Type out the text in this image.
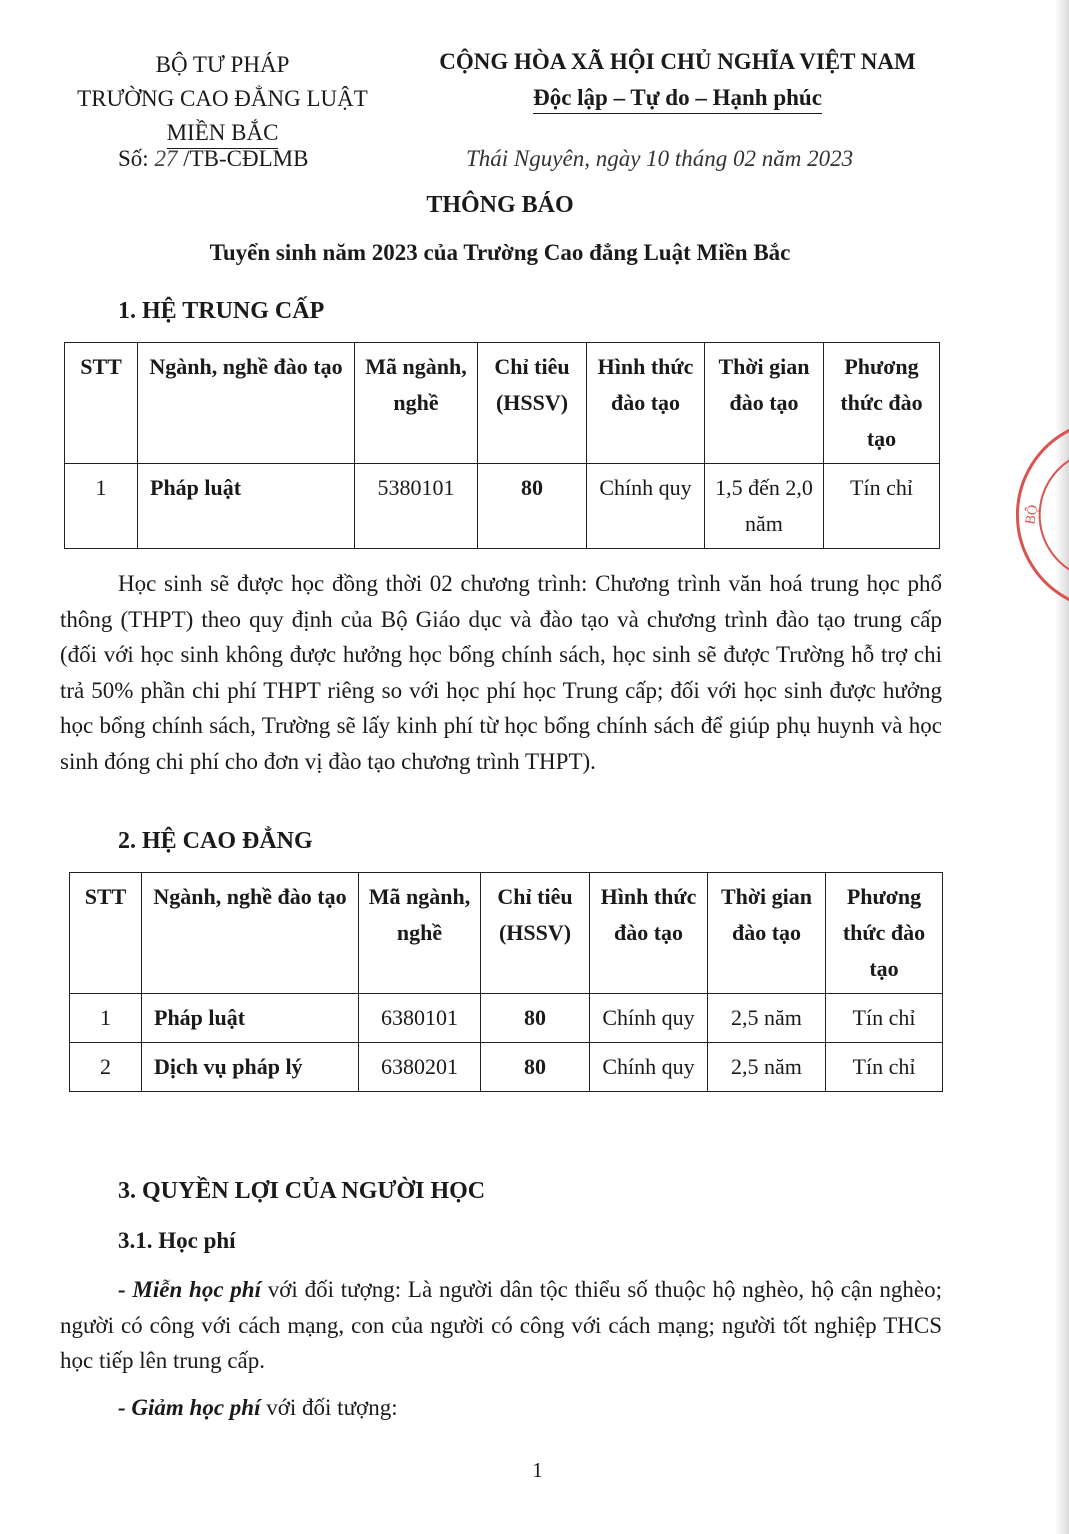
BỘ TƯ PHÁP
TRƯỜNG CAO ĐẲNG LUẬT
MIỀN BẮC
CỘNG HÒA XÃ HỘI CHỦ NGHĨA VIỆT NAM
Độc lập – Tự do – Hạnh phúc
Số: 27 /TB-CĐLMB	Thái Nguyên, ngày 10 tháng 02 năm 2023
THÔNG BÁO
Tuyển sinh năm 2023 của Trường Cao đẳng Luật Miền Bắc
1. HỆ TRUNG CẤP
STT	Ngành, nghề đào tạo	Mã ngành, nghề	Chỉ tiêu (HSSV)	Hình thức đào tạo	Thời gian đào tạo	Phương thức đào tạo
1	Pháp luật	5380101	80	Chính quy	1,5 đến 2,0 năm	Tín chỉ

Học sinh sẽ được học đồng thời 02 chương trình: Chương trình văn hoá trung học phổ thông (THPT) theo quy định của Bộ Giáo dục và đào tạo và chương trình đào tạo trung cấp (đối với học sinh không được hưởng học bổng chính sách, học sinh sẽ được Trường hỗ trợ chi trả 50% phần chi phí THPT riêng so với học phí học Trung cấp; đối với học sinh được hưởng học bổng chính sách, Trường sẽ lấy kinh phí từ học bổng chính sách để giúp phụ huynh và học sinh đóng chi phí cho đơn vị đào tạo chương trình THPT).

2. HỆ CAO ĐẲNG
STT	Ngành, nghề đào tạo	Mã ngành, nghề	Chỉ tiêu (HSSV)	Hình thức đào tạo	Thời gian đào tạo	Phương thức đào tạo
1	Pháp luật	6380101	80	Chính quy	2,5 năm	Tín chỉ
2	Dịch vụ pháp lý	6380201	80	Chính quy	2,5 năm	Tín chỉ
3. QUYỀN LỢI CỦA NGƯỜI HỌC
3.1. Học phí

- Miễn học phí với đối tượng: Là người dân tộc thiểu số thuộc hộ nghèo, hộ cận nghèo; người có công với cách mạng, con của người có công với cách mạng; người tốt nghiệp THCS học tiếp lên trung cấp.

- Giảm học phí với đối tượng:

1
BỘ
